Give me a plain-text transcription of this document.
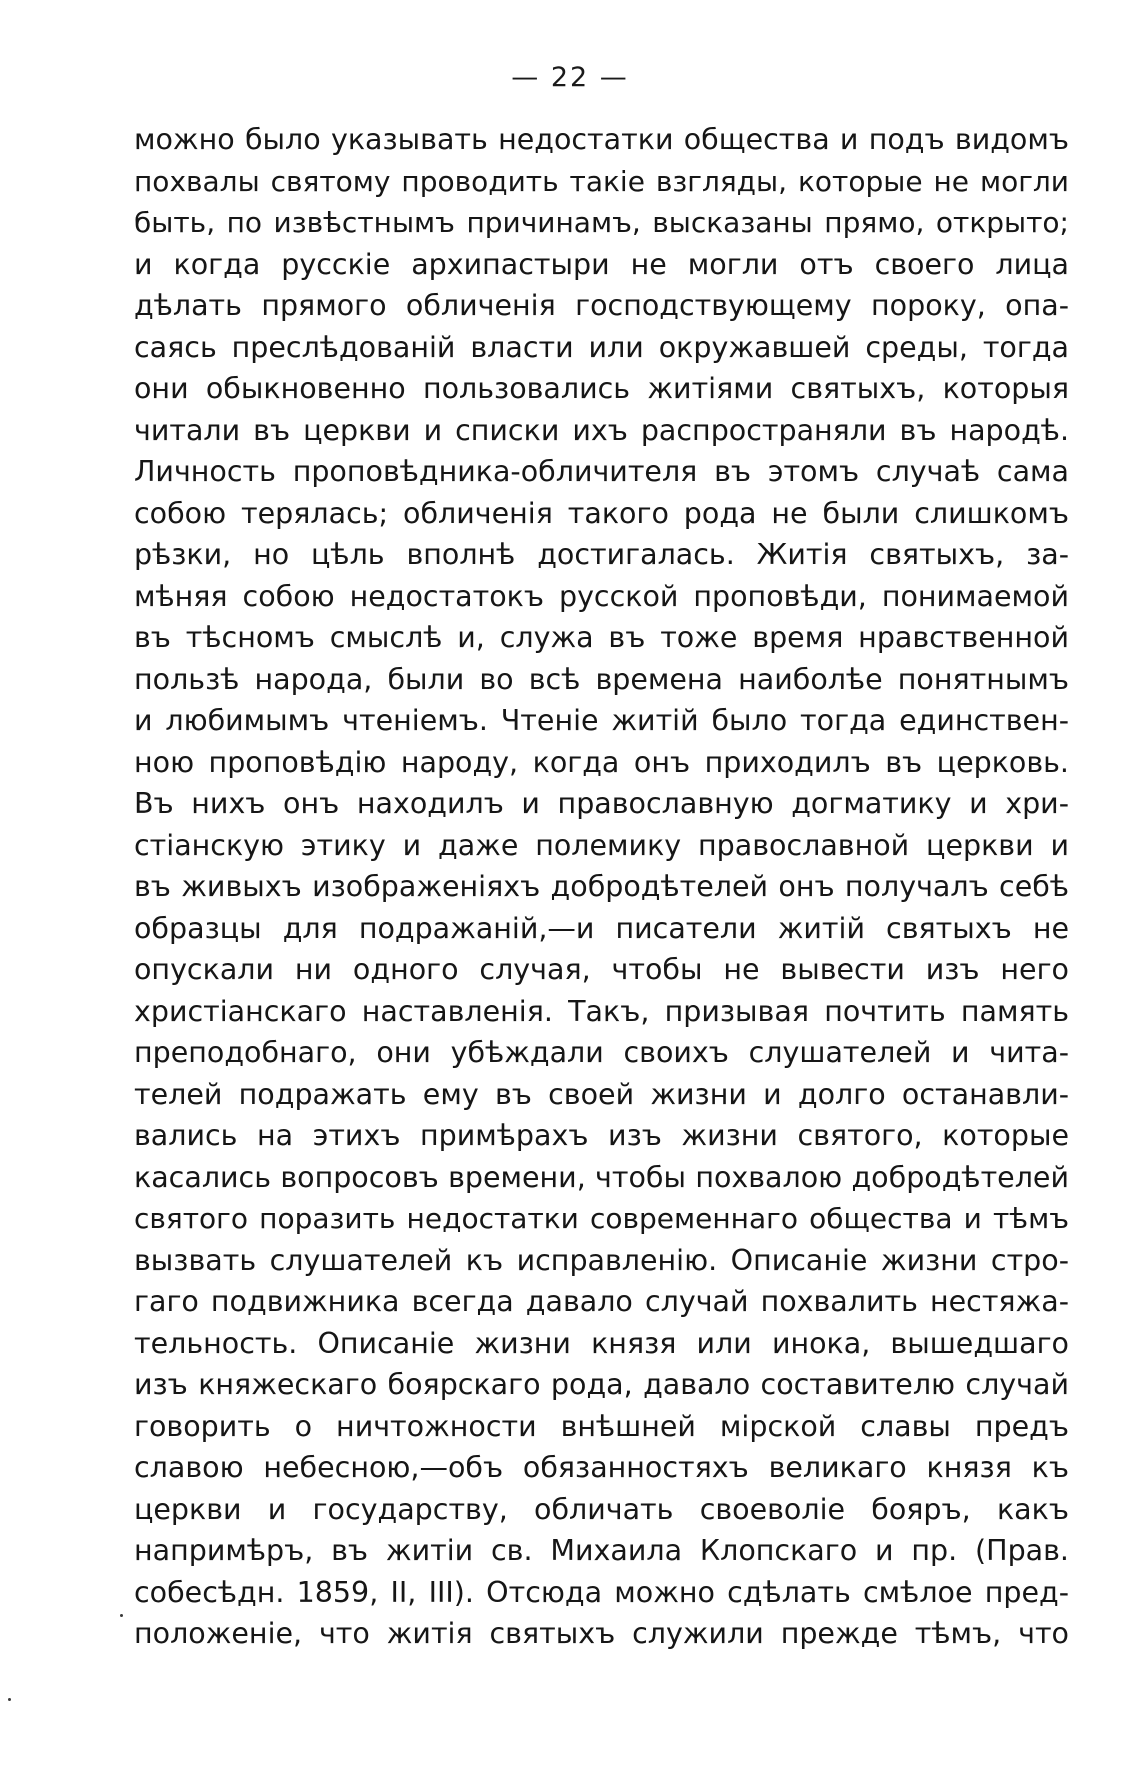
— 22 —
можно было указывать недостатки общества и подъ видомъ
похвалы святому проводить такіе взгляды, которые не могли
быть, по извѣстнымъ причинамъ, высказаны прямо, открыто;
и когда русскіе архипастыри не могли отъ своего лица
дѣлать прямого обличенія господствующему пороку, опа-
саясь преслѣдованій власти или окружавшей среды, тогда
они обыкновенно пользовались житіями святыхъ, которыя
читали въ церкви и списки ихъ распространяли въ народѣ.
Личность проповѣдника-обличителя въ этомъ случаѣ сама
собою терялась; обличенія такого рода не были слишкомъ
рѣзки, но цѣль вполнѣ достигалась. Житія святыхъ, за-
мѣняя собою недостатокъ русской проповѣди, понимаемой
въ тѣсномъ смыслѣ и, служа въ тоже время нравственной
пользѣ народа, были во всѣ времена наиболѣе понятнымъ
и любимымъ чтеніемъ. Чтеніе житій было тогда единствен-
ною проповѣдію народу, когда онъ приходилъ въ церковь.
Въ нихъ онъ находилъ и православную догматику и хри-
стіанскую этику и даже полемику православной церкви и
въ живыхъ изображеніяхъ добродѣтелей онъ получалъ себѣ
образцы для подражаній,—и писатели житій святыхъ не
опускали ни одного случая, чтобы не вывести изъ него
христіанскаго наставленія. Такъ, призывая почтить память
преподобнаго, они убѣждали своихъ слушателей и чита-
телей подражать ему въ своей жизни и долго останавли-
вались на этихъ примѣрахъ изъ жизни святого, которые
касались вопросовъ времени, чтобы похвалою добродѣтелей
святого поразить недостатки современнаго общества и тѣмъ
вызвать слушателей къ исправленію. Описаніе жизни стро-
гаго подвижника всегда давало случай похвалить нестяжа-
тельность. Описаніе жизни князя или инока, вышедшаго
изъ княжескаго боярскаго рода, давало составителю случай
говорить о ничтожности внѣшней мірской славы предъ
славою небесною,—объ обязанностяхъ великаго князя къ
церкви и государству, обличать своеволіе бояръ, какъ
напримѣръ, въ житіи св. Михаила Клопскаго и пр. (Прав.
собесѣдн. 1859, II, III). Отсюда можно сдѣлать смѣлое пред-
положеніе, что житія святыхъ служили прежде тѣмъ, что
